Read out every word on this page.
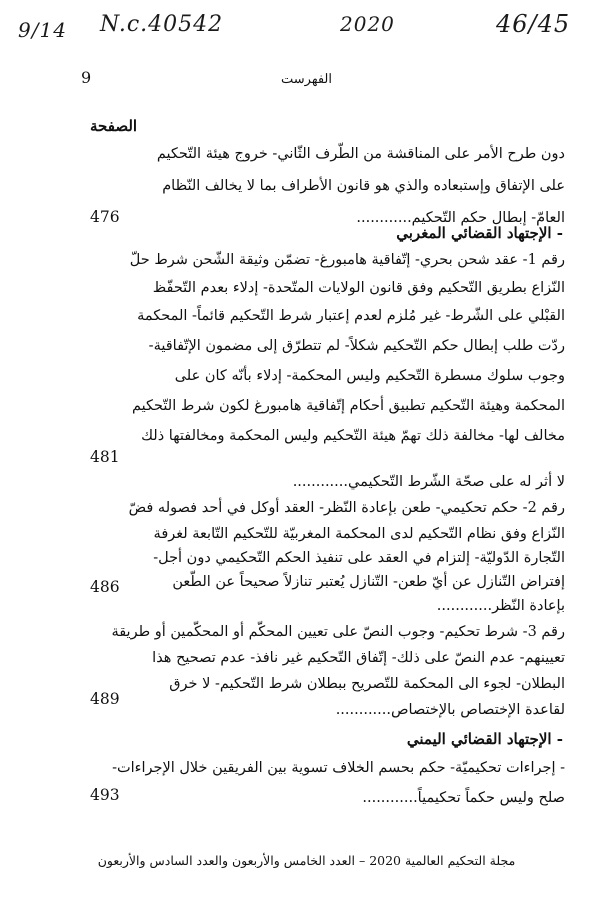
9/14 N.c.40542	2020	46/45
9	الفهرست
الصفحة
دون طرح الأمر على المناقشة من الطّرف الثّاني- خروج هيئة التّحكيم
على الإتفاق وإستبعاده والذي هو قانون الأطراف بما لا يخالف النّظام
العامّ- إبطال حكم التّحكيم............
476
- الإجتهاد القضائي المغربي
رقم 1- عقد شحن بحري- إتّفاقية هامبورغ- تضمّن وثيقة الشّحن شرط حلّ
النّزاع بطريق التّحكيم وفق قانون الولايات المتّحدة- إدلاء بعدم التّحفّظ
القبْلي على الشّرط- غير مُلزم لعدم إعتبار شرط التّحكيم قائماً- المحكمة
ردّت طلب إبطال حكم التّحكيم شكلاً- لم تتطرّق إلى مضمون الإتّفاقية-
وجوب سلوك مسطرة التّحكيم وليس المحكمة- إدلاء بأنّه كان على
المحكمة وهيئة التّحكيم تطبيق أحكام إتّفاقية هامبورغ لكون شرط التّحكيم
مخالف لها- مخالفة ذلك تهمّ هيئة التّحكيم وليس المحكمة ومخالفتها ذلك
لا أثر له على صحّة الشّرط التّحكيمي............
481
رقم 2- حكم تحكيمي- طعن بإعادة النّظر- العقد أوكل في أحد فصوله فضّ
النّزاع وفق نظام التّحكيم لدى المحكمة المغربيّة للتّحكيم التّابعة لغرفة
التّجارة الدّوليّة- إلتزام في العقد على تنفيذ الحكم التّحكيمي دون أجل-
إفتراض التّنازل عن أيّ طعن- التّنازل يُعتبر تنازلاً صحيحاً عن الطّعن
بإعادة النّظر............
486
رقم 3- شرط تحكيم- وجوب النصّ على تعيين المحكّم أو المحكّمين أو طريقة
تعيينهم- عدم النصّ على ذلك- إتّفاق التّحكيم غير نافذ- عدم تصحيح هذا
البطلان- لجوء الى المحكمة للتّصريح ببطلان شرط التّحكيم- لا خرق
لقاعدة الإختصاص بالإختصاص............
489
- الإجتهاد القضائي اليمني
- إجراءات تحكيميّة- حكم بحسم الخلاف تسوية بين الفريقين خلال الإجراءات-
صلح وليس حكماً تحكيمياً............
493
مجلة التحكيم العالمية 2020 – العدد الخامس والأربعون والعدد السادس والأربعون
